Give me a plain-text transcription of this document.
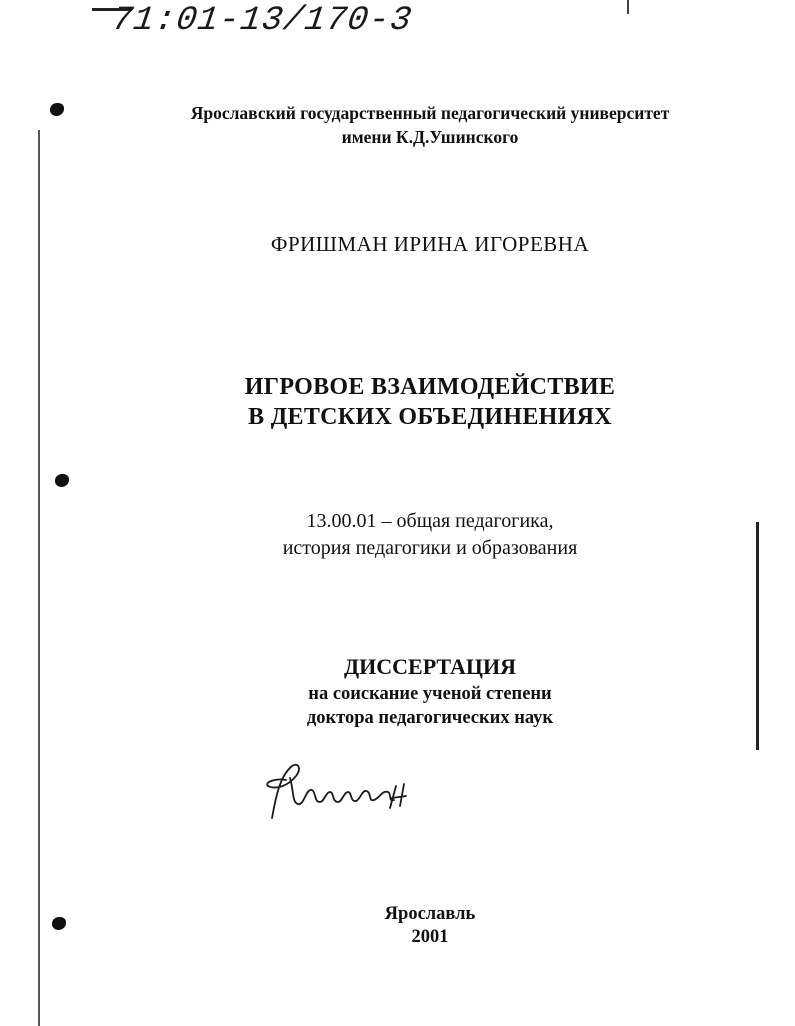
71:01-13/170-3
Ярославский государственный педагогический университет
имени К.Д.Ушинского
ФРИШМАН ИРИНА ИГОРЕВНА
ИГРОВОЕ ВЗАИМОДЕЙСТВИЕ
В ДЕТСКИХ ОБЪЕДИНЕНИЯХ
13.00.01 – общая педагогика,
история педагогики и образования
ДИССЕРТАЦИЯ
на соискание ученой степени
доктора педагогических наук
Ярославль
2001
